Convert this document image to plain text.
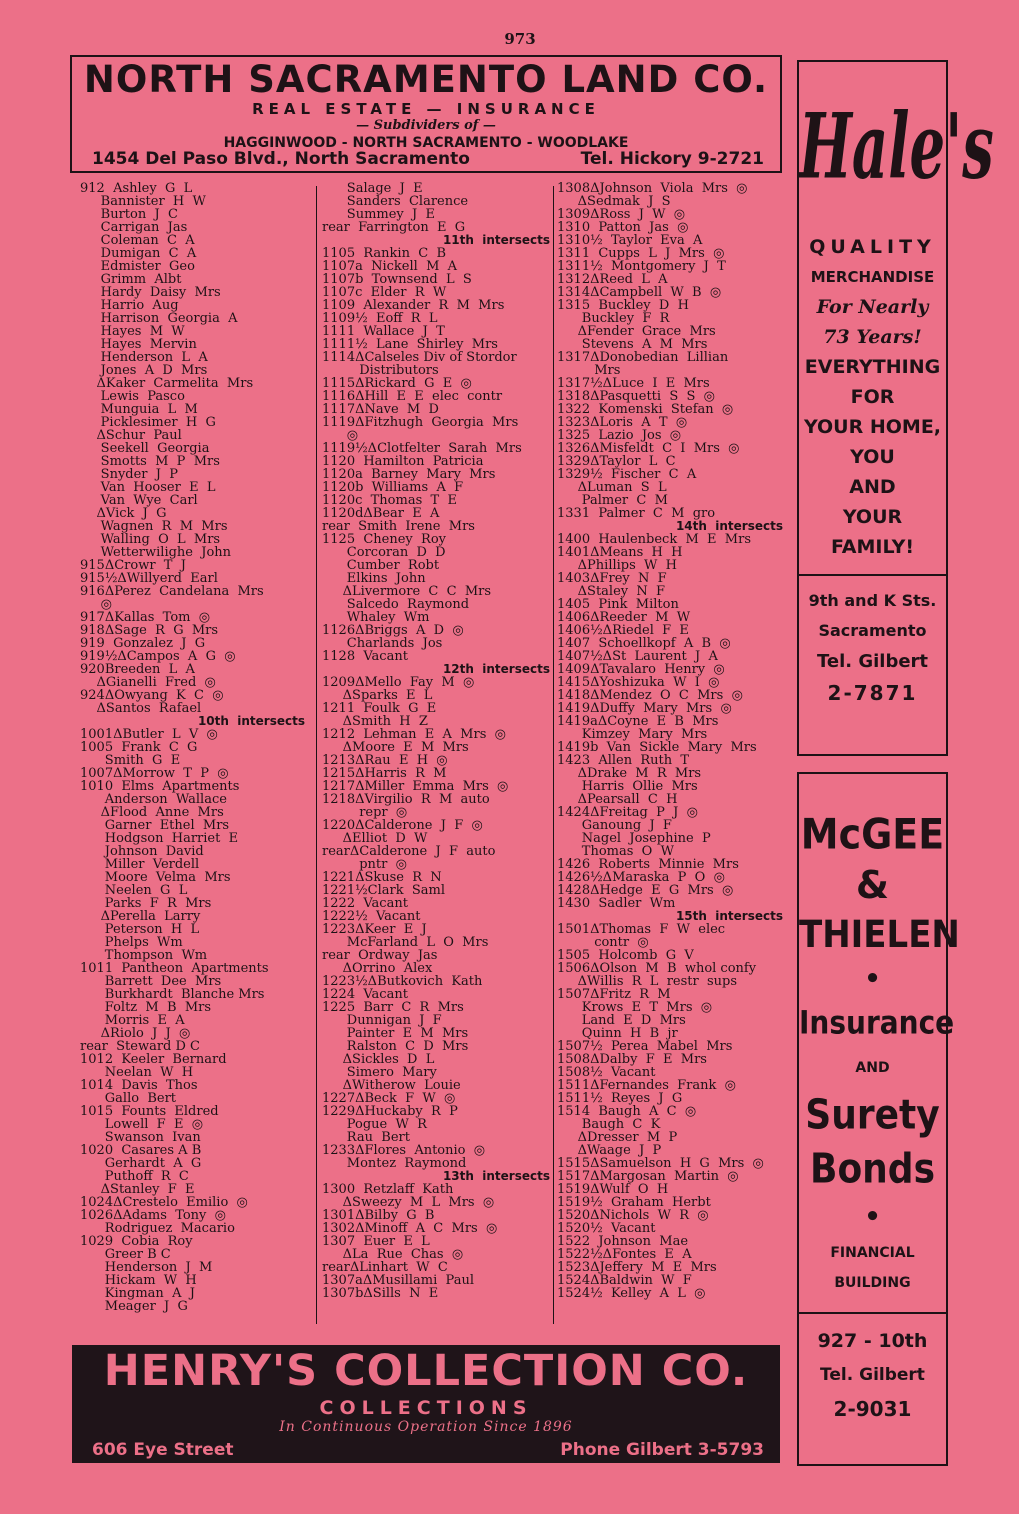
973
NORTH SACRAMENTO LAND CO.
REAL ESTATE — INSURANCE
— Subdividers of —
HAGGINWOOD - NORTH SACRAMENTO - WOODLAKE
1454 Del Paso Blvd., North Sacramento	Tel. Hickory 9-2721
912  Ashley  G  L
Bannister  H  W
Burton  J  C
Carrigan  Jas
Coleman  C  A
Dumigan  C  A
Edmister  Geo
Grimm  Albt
Hardy  Daisy  Mrs
Harrio  Aug
Harrison  Georgia  A
Hayes  M  W
Hayes  Mervin
Henderson  L  A
Jones  A  D  Mrs
ΔKaker  Carmelita  Mrs
Lewis  Pasco
Munguia  L  M
Picklesimer  H  G
ΔSchur  Paul
Seekell  Georgia
Smotts  M  P  Mrs
Snyder  J  P
Van  Hooser  E  L
Van  Wye  Carl
ΔVick  J  G
Wagnen  R  M  Mrs
Walling  O  L  Mrs
Wetterwilighe  John
915ΔCrowr  T  J
915½ΔWillyerd  Earl
916ΔPerez  Candelana  Mrs
◎
917ΔKallas  Tom  ◎
918ΔSage  R  G  Mrs
919  Gonzalez  J  G
919½ΔCampos  A  G  ◎
920Breeden  L  A
ΔGianelli  Fred  ◎
924ΔOwyang  K  C  ◎
ΔSantos  Rafael
10th  intersects
1001ΔButler  L  V  ◎
1005  Frank  C  G
Smith  G  E
1007ΔMorrow  T  P  ◎
1010  Elms  Apartments
Anderson  Wallace
ΔFlood  Anne  Mrs
Garner  Ethel  Mrs
Hodgson  Harriet  E
Johnson  David
Miller  Verdell
Moore  Velma  Mrs
Neelen  G  L
Parks  F  R  Mrs
ΔPerella  Larry
Peterson  H  L
Phelps  Wm
Thompson  Wm
1011  Pantheon  Apartments
Barrett  Dee  Mrs
Burkhardt  Blanche Mrs
Foltz  M  B  Mrs
Morris  E  A
ΔRiolo  J  J  ◎
rear  Steward D C
1012  Keeler  Bernard
Neelan  W  H
1014  Davis  Thos
Gallo  Bert
1015  Founts  Eldred
Lowell  F  E  ◎
Swanson  Ivan
1020  Casares A B
Gerhardt  A  G
Puthoff  R  C
ΔStanley  F  E
1024ΔCrestelo  Emilio  ◎
1026ΔAdams  Tony  ◎
Rodriguez  Macario
1029  Cobia  Roy
Greer B C
Henderson  J  M
Hickam  W  H
Kingman  A  J
Meager  J  G
Salage  J  E
Sanders  Clarence
Summey  J  E
rear  Farrington  E  G
11th  intersects
1105  Rankin  C  B
1107a  Nickell  M  A
1107b  Townsend  L  S
1107c  Elder  R  W
1109  Alexander  R  M  Mrs
1109½  Eoff  R  L
1111  Wallace  J  T
1111½  Lane  Shirley  Mrs
1114ΔCalseles Div of Stordor
Distributors
1115ΔRickard  G  E  ◎
1116ΔHill  E  E  elec  contr
1117ΔNave  M  D
1119ΔFitzhugh  Georgia  Mrs
◎
1119½ΔClotfelter  Sarah  Mrs
1120  Hamilton  Patricia
1120a  Barney  Mary  Mrs
1120b  Williams  A  F
1120c  Thomas  T  E
1120dΔBear  E  A
rear  Smith  Irene  Mrs
1125  Cheney  Roy
Corcoran  D  D
Cumber  Robt
Elkins  John
ΔLivermore  C  C  Mrs
Salcedo  Raymond
Whaley  Wm
1126ΔBriggs  A  D  ◎
Charlands  Jos
1128  Vacant
12th  intersects
1209ΔMello  Fay  M  ◎
ΔSparks  E  L
1211  Foulk  G  E
ΔSmith  H  Z
1212  Lehman  E  A  Mrs  ◎
ΔMoore  E  M  Mrs
1213ΔRau  E  H  ◎
1215ΔHarris  R  M
1217ΔMiller  Emma  Mrs  ◎
1218ΔVirgilio  R  M  auto
repr  ◎
1220ΔCalderone  J  F  ◎
ΔElliot  D  W
rearΔCalderone  J  F  auto
pntr  ◎
1221ΔSkuse  R  N
1221½Clark  Saml
1222  Vacant
1222½  Vacant
1223ΔKeer  E  J
McFarland  L  O  Mrs
rear  Ordway  Jas
ΔOrrino  Alex
1223½ΔButkovich  Kath
1224  Vacant
1225  Barr  C  R  Mrs
Dunnigan  J  F
Painter  E  M  Mrs
Ralston  C  D  Mrs
ΔSickles  D  L
Simero  Mary
ΔWitherow  Louie
1227ΔBeck  F  W  ◎
1229ΔHuckaby  R  P
Pogue  W  R
Rau  Bert
1233ΔFlores  Antonio  ◎
Montez  Raymond
13th  intersects
1300  Retzlaff  Kath
ΔSweezy  M  L  Mrs  ◎
1301ΔBilby  G  B
1302ΔMinoff  A  C  Mrs  ◎
1307  Euer  E  L
ΔLa  Rue  Chas  ◎
rearΔLinhart  W  C
1307aΔMusillami  Paul
1307bΔSills  N  E
1308ΔJohnson  Viola  Mrs  ◎
ΔSedmak  J  S
1309ΔRoss  J  W  ◎
1310  Patton  Jas  ◎
1310½  Taylor  Eva  A
1311  Cupps  L  J  Mrs  ◎
1311½  Montgomery  J  T
1312ΔReed  L  A
1314ΔCampbell  W  B  ◎
1315  Buckley  D  H
Buckley  F  R
ΔFender  Grace  Mrs
Stevens  A  M  Mrs
1317ΔDonobedian  Lillian
Mrs
1317½ΔLuce  I  E  Mrs
1318ΔPasquetti  S  S  ◎
1322  Komenski  Stefan  ◎
1323ΔLoris  A  T  ◎
1325  Lazio  Jos  ◎
1326ΔMisfeldt  C  I  Mrs  ◎
1329ΔTaylor  L  C
1329½  Fischer  C  A
ΔLuman  S  L
Palmer  C  M
1331  Palmer  C  M  gro
14th  intersects
1400  Haulenbeck  M  E  Mrs
1401ΔMeans  H  H
ΔPhillips  W  H
1403ΔFrey  N  F
ΔStaley  N  F
1405  Pink  Milton
1406ΔReeder  M  W
1406½ΔRiedel  F  E
1407  Schoellkopf  A  B  ◎
1407½ΔSt  Laurent  J  A
1409ΔTavalaro  Henry  ◎
1415ΔYoshizuka  W  I  ◎
1418ΔMendez  O  C  Mrs  ◎
1419ΔDuffy  Mary  Mrs  ◎
1419aΔCoyne  E  B  Mrs
Kimzey  Mary  Mrs
1419b  Van  Sickle  Mary  Mrs
1423  Allen  Ruth  T
ΔDrake  M  R  Mrs
Harris  Ollie  Mrs
ΔPearsall  C  H
1424ΔFreitag  P  J  ◎
Ganoung  J  F
Nagel  Josephine  P
Thomas  O  W
1426  Roberts  Minnie  Mrs
1426½ΔMaraska  P  O  ◎
1428ΔHedge  E  G  Mrs  ◎
1430  Sadler  Wm
15th  intersects
1501ΔThomas  F  W  elec
contr  ◎
1505  Holcomb  G  V
1506ΔOlson  M  B  whol confy
ΔWillis  R  L  restr  sups
1507ΔFritz  R  M
Krows  E  T  Mrs  ◎
Land  E  D  Mrs
Quinn  H  B  jr
1507½  Perea  Mabel  Mrs
1508ΔDalby  F  E  Mrs
1508½  Vacant
1511ΔFernandes  Frank  ◎
1511½  Reyes  J  G
1514  Baugh  A  C  ◎
Baugh  C  K
ΔDresser  M  P
ΔWaage  J  P
1515ΔSamuelson  H  G  Mrs  ◎
1517ΔMargosan  Martin  ◎
1519ΔWulf  O  H
1519½  Graham  Herbt
1520ΔNichols  W  R  ◎
1520½  Vacant
1522  Johnson  Mae
1522½ΔFontes  E  A
1523ΔJeffery  M  E  Mrs
1524ΔBaldwin  W  F
1524½  Kelley  A  L  ◎
HENRY'S COLLECTION CO.
COLLECTIONS
In Continuous Operation Since 1896
606 Eye Street	Phone Gilbert 3-5793
Hale's
QUALITY
MERCHANDISE
For Nearly
73 Years!
EVERYTHING
FOR
YOUR HOME,
YOU
AND
YOUR
FAMILY!
9th and K Sts.
Sacramento
Tel. Gilbert
2-7871
McGEE
&
THIELEN
•
Insurance
AND
Surety
Bonds
•
FINANCIAL
BUILDING
927 - 10th
Tel. Gilbert
2-9031
